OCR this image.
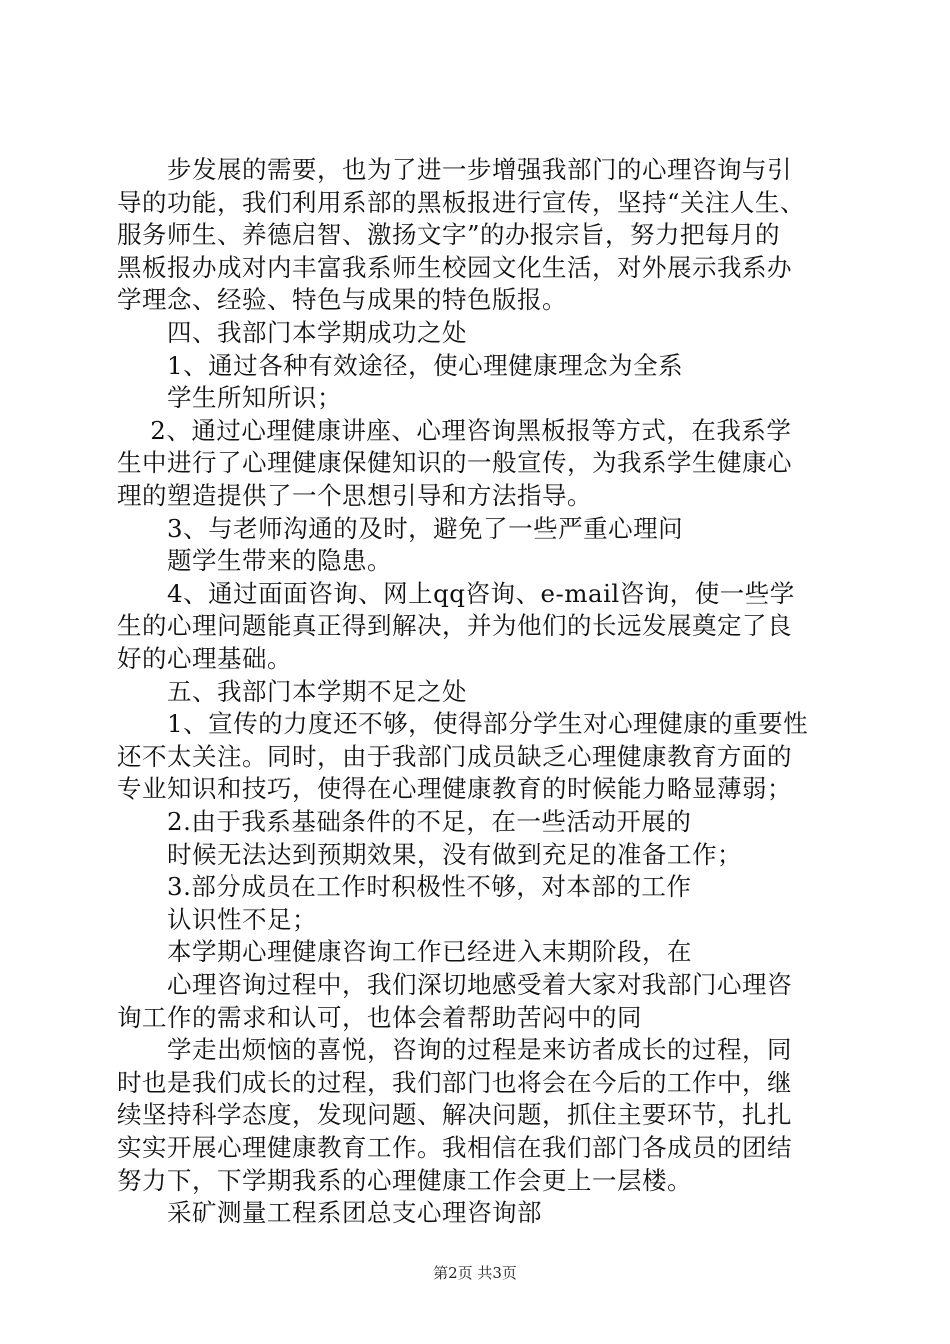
　　步发展的需要，也为了进一步增强我部门的心理咨询与引
导的功能，我们利用系部的黑板报进行宣传，坚持“关注人生、
服务师生、养德启智、激扬文字”的办报宗旨，努力把每月的
黑板报办成对内丰富我系师生校园文化生活，对外展示我系办
学理念、经验、特色与成果的特色版报。
　　四、我部门本学期成功之处
　　1、通过各种有效途径，使心理健康理念为全系
　　学生所知所识；
　 2、通过心理健康讲座、心理咨询黑板报等方式，在我系学
生中进行了心理健康保健知识的一般宣传，为我系学生健康心
理的塑造提供了一个思想引导和方法指导。
　　3、与老师沟通的及时，避免了一些严重心理问
　　题学生带来的隐患。
　　4、通过面面咨询、网上qq咨询、e-mail咨询，使一些学
生的心理问题能真正得到解决，并为他们的长远发展奠定了良
好的心理基础。
　　五、我部门本学期不足之处
　　1、宣传的力度还不够，使得部分学生对心理健康的重要性
还不太关注。同时，由于我部门成员缺乏心理健康教育方面的
专业知识和技巧，使得在心理健康教育的时候能力略显薄弱；
　　2.由于我系基础条件的不足，在一些活动开展的
　　时候无法达到预期效果，没有做到充足的准备工作；
　　3.部分成员在工作时积极性不够，对本部的工作
　　认识性不足；
　　本学期心理健康咨询工作已经进入末期阶段，在
　　心理咨询过程中，我们深切地感受着大家对我部门心理咨
询工作的需求和认可，也体会着帮助苦闷中的同
　　学走出烦恼的喜悦，咨询的过程是来访者成长的过程，同
时也是我们成长的过程，我们部门也将会在今后的工作中，继
续坚持科学态度，发现问题、解决问题，抓住主要环节，扎扎
实实开展心理健康教育工作。我相信在我们部门各成员的团结
努力下，下学期我系的心理健康工作会更上一层楼。
　　采矿测量工程系团总支心理咨询部
第2页 共3页
